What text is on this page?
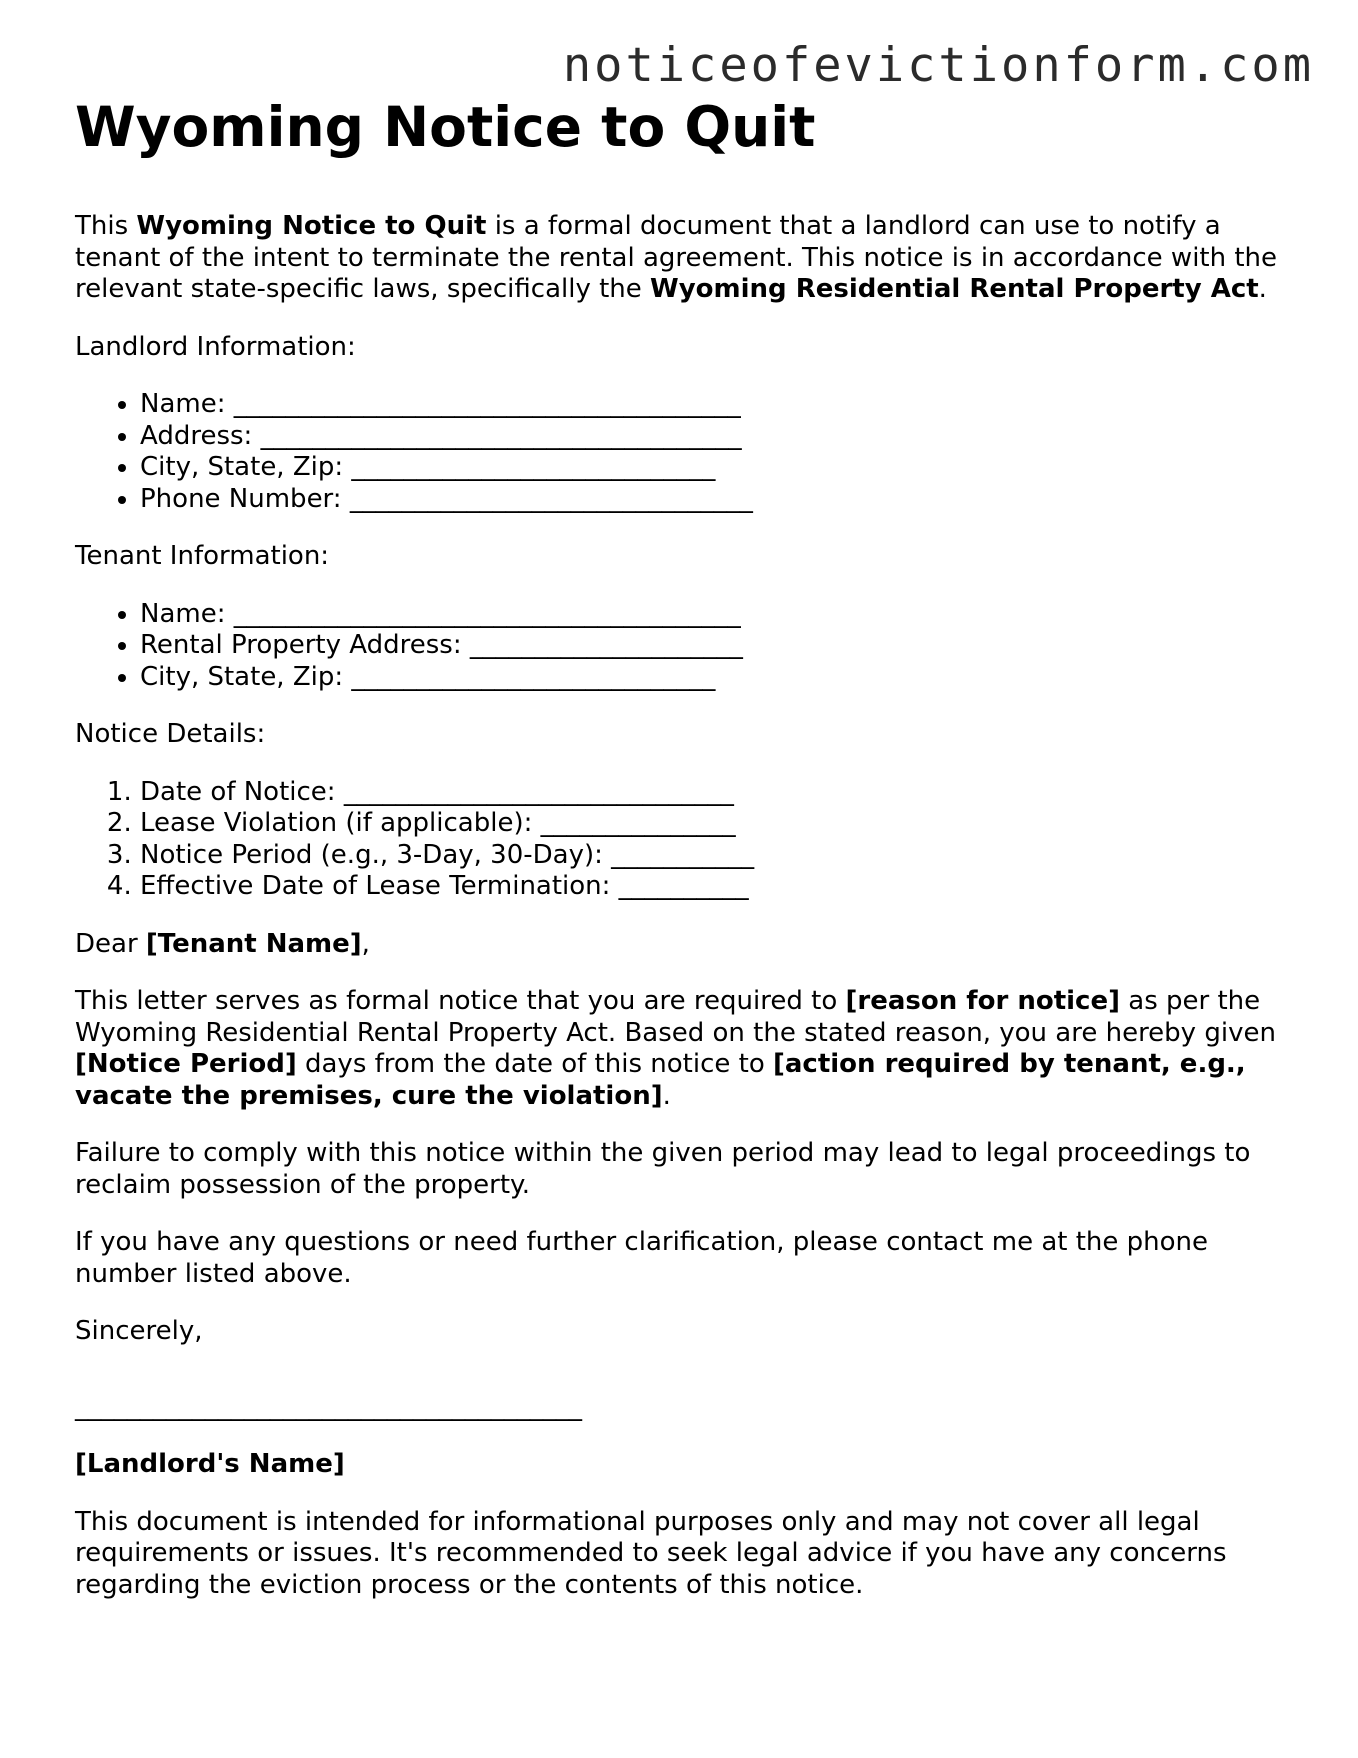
noticeofevictionform.com
Wyoming Notice to Quit

This Wyoming Notice to Quit is a formal document that a landlord can use to notify a tenant of the intent to terminate the rental agreement. This notice is in accordance with the relevant state-specific laws, specifically the Wyoming Residential Rental Property Act.

Landlord Information:

• Name: _______________________________________
• Address: _____________________________________
• City, State, Zip: ____________________________
• Phone Number: _______________________________

Tenant Information:

• Name: _______________________________________
• Rental Property Address: _____________________
• City, State, Zip: ____________________________

Notice Details:

1. Date of Notice: ______________________________
2. Lease Violation (if applicable): _______________
3. Notice Period (e.g., 3-Day, 30-Day): ___________
4. Effective Date of Lease Termination: __________

Dear [Tenant Name],

This letter serves as formal notice that you are required to [reason for notice] as per the Wyoming Residential Rental Property Act. Based on the stated reason, you are hereby given [Notice Period] days from the date of this notice to [action required by tenant, e.g., vacate the premises, cure the violation].

Failure to comply with this notice within the given period may lead to legal proceedings to reclaim possession of the property.

If you have any questions or need further clarification, please contact me at the phone number listed above.

Sincerely,

_______________________________________

[Landlord's Name]

This document is intended for informational purposes only and may not cover all legal requirements or issues. It's recommended to seek legal advice if you have any concerns regarding the eviction process or the contents of this notice.
